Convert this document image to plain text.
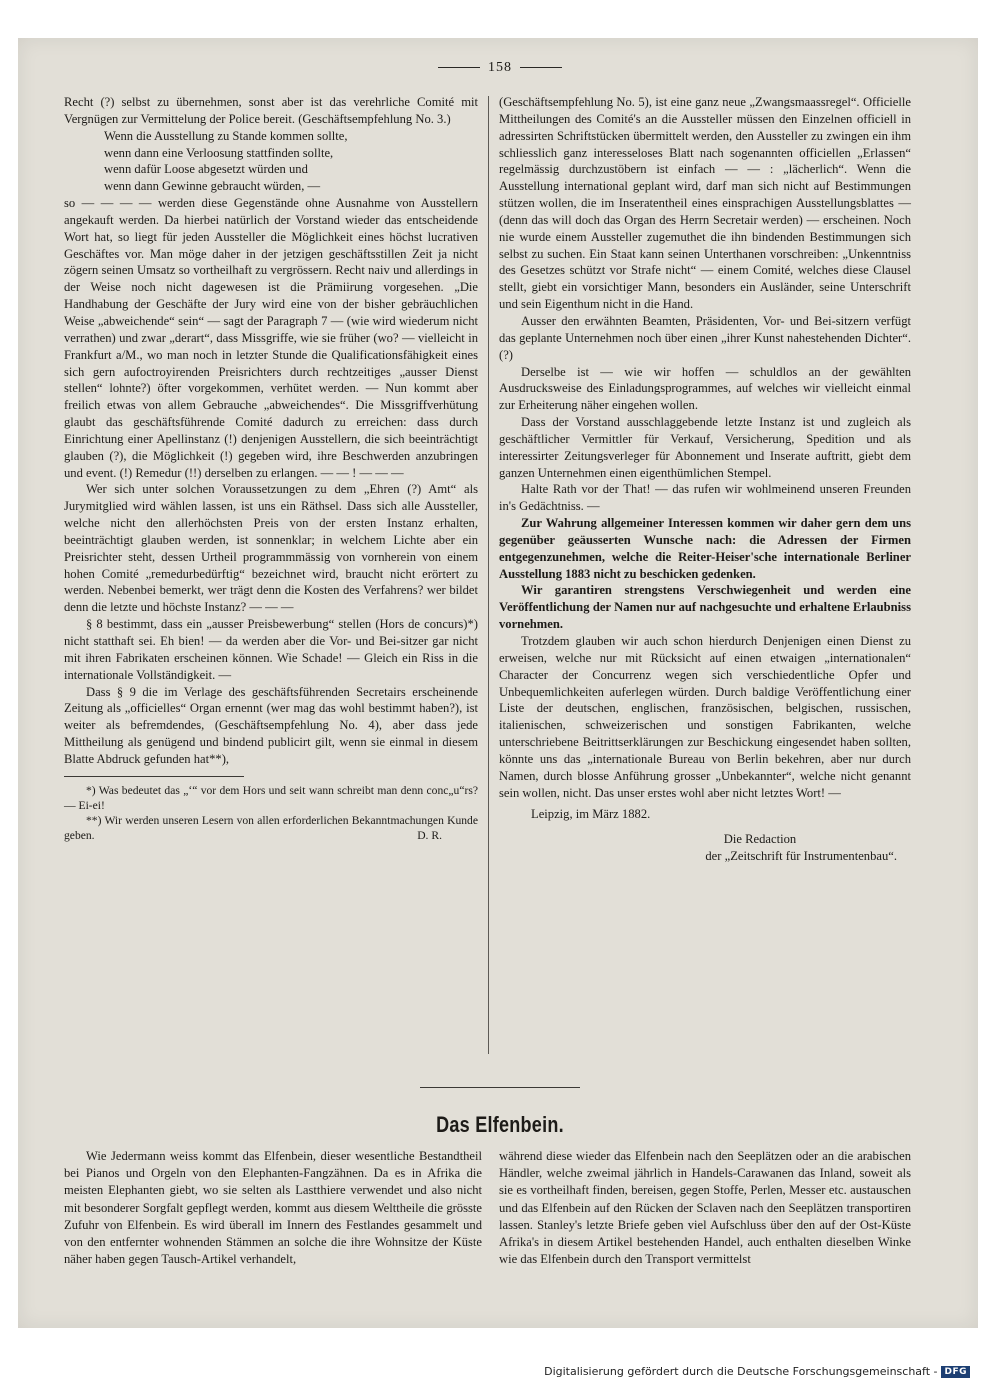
158

Recht (?) selbst zu übernehmen, sonst aber ist das verehrliche Comité mit Vergnügen zur Vermittelung der Police bereit. (Geschäftsempfehlung No. 3.)

Wenn die Ausstellung zu Stande kommen sollte,

wenn dann eine Verloosung stattfinden sollte,

wenn dafür Loose abgesetzt würden und

wenn dann Gewinne gebraucht würden, —

so — — — — werden diese Gegenstände ohne Ausnahme von Ausstellern angekauft werden. Da hierbei natürlich der Vorstand wieder das entscheidende Wort hat, so liegt für jeden Aussteller die Möglichkeit eines höchst lucrativen Geschäftes vor. Man möge daher in der jetzigen geschäftsstillen Zeit ja nicht zögern seinen Umsatz so vortheilhaft zu vergrössern. Recht naiv und allerdings in der Weise noch nicht dagewesen ist die Prämiirung vorgesehen. „Die Handhabung der Geschäfte der Jury wird eine von der bisher gebräuchlichen Weise „abweichende“ sein“ — sagt der Paragraph 7 — (wie wird wiederum nicht verrathen) und zwar „derart“, dass Missgriffe, wie sie früher (wo? — vielleicht in Frankfurt a/M., wo man noch in letzter Stunde die Qualificationsfähigkeit eines sich gern aufoctroyirenden Preisrichters durch rechtzeitiges „ausser Dienst stellen“ lohnte?) öfter vorgekommen, verhütet werden. — Nun kommt aber freilich etwas von allem Gebrauche „abweichendes“. Die Missgriffverhütung glaubt das geschäftsführende Comité dadurch zu erreichen: dass durch Einrichtung einer Apellinstanz (!) denjenigen Ausstellern, die sich beeinträchtigt glauben (?), die Möglichkeit (!) gegeben wird, ihre Beschwerden anzubringen und event. (!) Remedur (!!) derselben zu erlangen. — — ! — — —

Wer sich unter solchen Voraussetzungen zu dem „Ehren (?) Amt“ als Jurymitglied wird wählen lassen, ist uns ein Räthsel. Dass sich alle Aussteller, welche nicht den allerhöchsten Preis von der ersten Instanz erhalten, beeinträchtigt glauben werden, ist sonnenklar; in welchem Lichte aber ein Preisrichter steht, dessen Urtheil programmmässig von vornherein von einem hohen Comité „remedurbedürftig“ bezeichnet wird, braucht nicht erörtert zu werden. Nebenbei bemerkt, wer trägt denn die Kosten des Verfahrens? wer bildet denn die letzte und höchste Instanz? — — —

§ 8 bestimmt, dass ein „ausser Preisbewerbung“ stellen (Hors de concurs)*) nicht statthaft sei. Eh bien! — da werden aber die Vor- und Bei-sitzer gar nicht mit ihren Fabrikaten erscheinen können. Wie Schade! — Gleich ein Riss in die internationale Vollständigkeit. —

Dass § 9 die im Verlage des geschäftsführenden Secretairs erscheinende Zeitung als „officielles“ Organ ernennt (wer mag das wohl bestimmt haben?), ist weiter als befremdendes, (Geschäftsempfehlung No. 4), aber dass jede Mittheilung als genügend und bindend publicirt gilt, wenn sie einmal in diesem Blatte Abdruck gefunden hat**),

*) Was bedeutet das „‘“ vor dem Hors und seit wann schreibt man denn conc„u“rs? — Ei-ei!

**) Wir werden unseren Lesern von allen erforderlichen Bekanntmachungen Kunde geben.	D. R.

(Geschäftsempfehlung No. 5), ist eine ganz neue „Zwangsmaassregel“. Officielle Mittheilungen des Comité's an die Aussteller müssen den Einzelnen officiell in adressirten Schriftstücken übermittelt werden, den Aussteller zu zwingen ein ihm schliesslich ganz interesseloses Blatt nach sogenannten officiellen „Erlassen“ regelmässig durchzustöbern ist einfach — — : „lächerlich“. Wenn die Ausstellung international geplant wird, darf man sich nicht auf Bestimmungen stützen wollen, die im Inseratentheil eines einsprachigen Ausstellungsblattes — (denn das will doch das Organ des Herrn Secretair werden) — erscheinen. Noch nie wurde einem Aussteller zugemuthet die ihn bindenden Bestimmungen sich selbst zu suchen. Ein Staat kann seinen Unterthanen vorschreiben: „Unkenntniss des Gesetzes schützt vor Strafe nicht“ — einem Comité, welches diese Clausel stellt, giebt ein vorsichtiger Mann, besonders ein Ausländer, seine Unterschrift und sein Eigenthum nicht in die Hand.

Ausser den erwähnten Beamten, Präsidenten, Vor- und Bei-sitzern verfügt das geplante Unternehmen noch über einen „ihrer Kunst nahestehenden Dichter“. (?)

Derselbe ist — wie wir hoffen — schuldlos an der gewählten Ausdrucksweise des Einladungsprogrammes, auf welches wir vielleicht einmal zur Erheiterung näher eingehen wollen.

Dass der Vorstand ausschlaggebende letzte Instanz ist und zugleich als geschäftlicher Vermittler für Verkauf, Versicherung, Spedition und als interessirter Zeitungsverleger für Abonnement und Inserate auftritt, giebt dem ganzen Unternehmen einen eigenthümlichen Stempel.

Halte Rath vor der That! — das rufen wir wohlmeinend unseren Freunden in's Gedächtniss. —

Zur Wahrung allgemeiner Interessen kommen wir daher gern dem uns gegenüber geäusserten Wunsche nach: die Adressen der Firmen entgegenzunehmen, welche die Reiter-Heiser'sche internationale Berliner Ausstellung 1883 nicht zu beschicken gedenken.

Wir garantiren strengstens Verschwiegenheit und werden eine Veröffentlichung der Namen nur auf nachgesuchte und erhaltene Erlaubniss vornehmen.

Trotzdem glauben wir auch schon hierdurch Denjenigen einen Dienst zu erweisen, welche nur mit Rücksicht auf einen etwaigen „internationalen“ Character der Concurrenz wegen sich verschiedentliche Opfer und Unbequemlichkeiten auferlegen würden. Durch baldige Veröffentlichung einer Liste der deutschen, englischen, französischen, belgischen, russischen, italienischen, schweizerischen und sonstigen Fabrikanten, welche unterschriebene Beitrittserklärungen zur Beschickung eingesendet haben sollten, könnte uns das „internationale Bureau von Berlin bekehren, aber nur durch Namen, durch blosse Anführung grosser „Unbekannter“, welche nicht genannt sein wollen, nicht. Das unser erstes wohl aber nicht letztes Wort! —

Leipzig, im März 1882.

Die Redaction

der „Zeitschrift für Instrumentenbau“.

Das Elfenbein.

Wie Jedermann weiss kommt das Elfenbein, dieser wesentliche Bestandtheil bei Pianos und Orgeln von den Elephanten-Fangzähnen. Da es in Afrika die meisten Elephanten giebt, wo sie selten als Lastthiere verwendet und also nicht mit besonderer Sorgfalt gepflegt werden, kommt aus diesem Welttheile die grösste Zufuhr von Elfenbein. Es wird überall im Innern des Festlandes gesammelt und von den entfernter wohnenden Stämmen an solche die ihre Wohnsitze der Küste näher haben gegen Tausch-Artikel verhandelt,

während diese wieder das Elfenbein nach den Seeplätzen oder an die arabischen Händler, welche zweimal jährlich in Handels-Carawanen das Inland, soweit als sie es vortheilhaft finden, bereisen, gegen Stoffe, Perlen, Messer etc. austauschen und das Elfenbein auf den Rücken der Sclaven nach den Seeplätzen transportiren lassen. Stanley's letzte Briefe geben viel Aufschluss über den auf der Ost-Küste Afrika's in diesem Artikel bestehenden Handel, auch enthalten dieselben Winke wie das Elfenbein durch den Transport vermittelst

Digitalisierung gefördert durch die Deutsche Forschungsgemeinschaft - DFG
